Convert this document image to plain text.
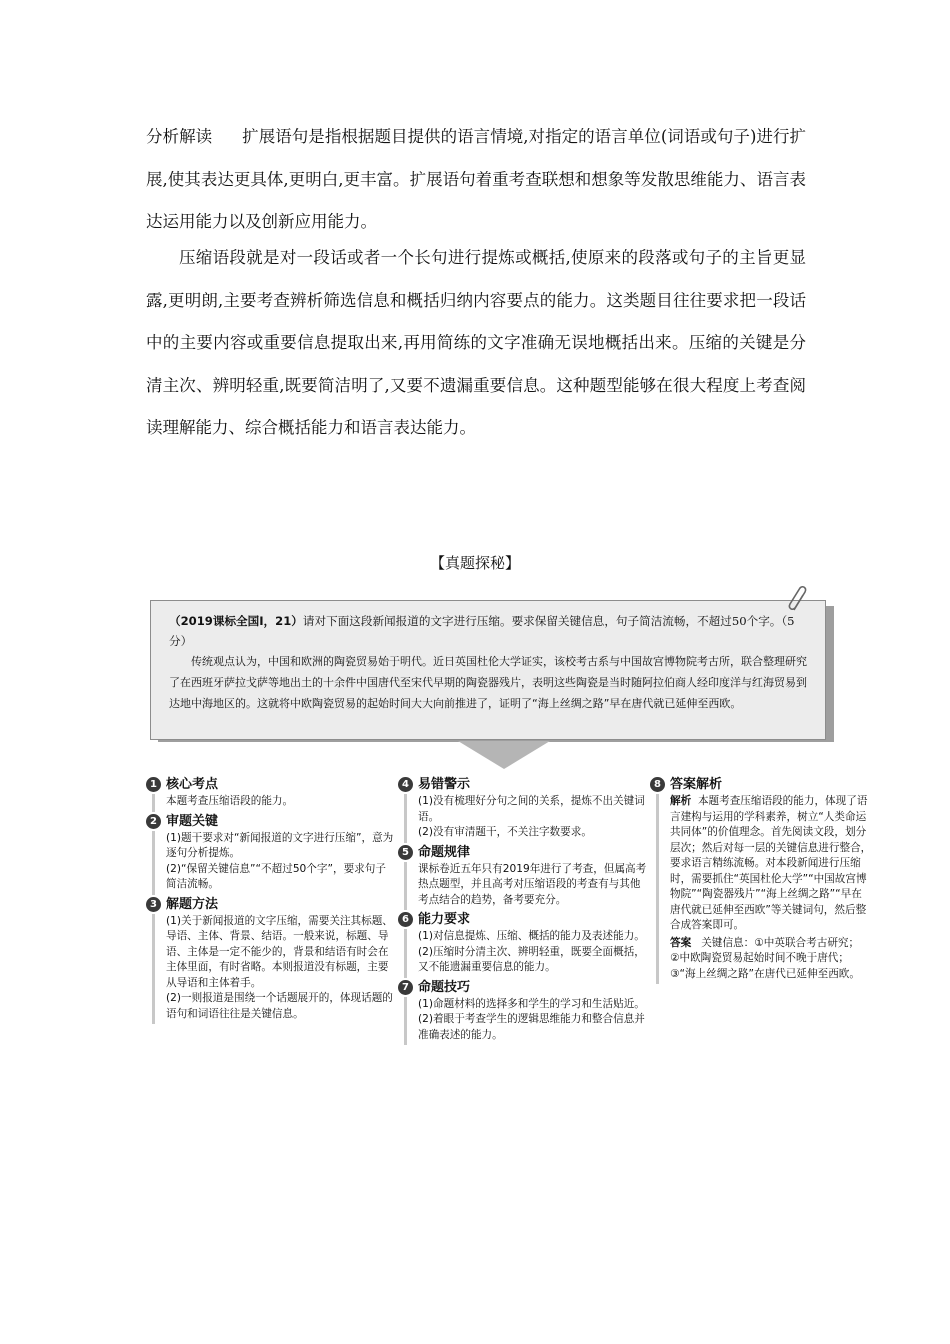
分析解读 扩展语句是指根据题目提供的语言情境,对指定的语言单位(词语或句子)进行扩展,使其表达更具体,更明白,更丰富。扩展语句着重考查联想和想象等发散思维能力、语言表达运用能力以及创新应用能力。

压缩语段就是对一段话或者一个长句进行提炼或概括,使原来的段落或句子的主旨更显露,更明朗,主要考查辨析筛选信息和概括归纳内容要点的能力。这类题目往往要求把一段话中的主要内容或重要信息提取出来,再用简练的文字准确无误地概括出来。压缩的关键是分清主次、辨明轻重,既要简洁明了,又要不遗漏重要信息。这种题型能够在很大程度上考查阅读理解能力、综合概括能力和语言表达能力。

【真题探秘】
（2019课标全国Ⅰ，21）请对下面这段新闻报道的文字进行压缩。要求保留关键信息，句子简洁流畅，不超过50个字。（5分）
传统观点认为，中国和欧洲的陶瓷贸易始于明代。近日英国杜伦大学证实，该校考古系与中国故宫博物院考古所，联合整理研究了在西班牙萨拉戈萨等地出土的十余件中国唐代至宋代早期的陶瓷器残片，表明这些陶瓷是当时随阿拉伯商人经印度洋与红海贸易到达地中海地区的。这就将中欧陶瓷贸易的起始时间大大向前推进了，证明了“海上丝绸之路”早在唐代就已延伸至西欧。
1 核心考点
本题考查压缩语段的能力。
2 审题关键
(1)题干要求对“新闻报道的文字进行压缩”，意为逐句分析提炼。
(2)“保留关键信息”“不超过50个字”，要求句子简洁流畅。
3 解题方法
(1)关于新闻报道的文字压缩，需要关注其标题、导语、主体、背景、结语。一般来说，标题、导语、主体是一定不能少的，背景和结语有时会在主体里面，有时省略。本则报道没有标题，主要从导语和主体着手。
(2)一则报道是围绕一个话题展开的，体现话题的语句和词语往往是关键信息。
4 易错警示
(1)没有梳理好分句之间的关系，提炼不出关键词语。
(2)没有审清题干，不关注字数要求。
5 命题规律
课标卷近五年只有2019年进行了考查，但属高考热点题型，并且高考对压缩语段的考查有与其他考点结合的趋势，备考要充分。
6 能力要求
(1)对信息提炼、压缩、概括的能力及表述能力。
(2)压缩时分清主次、辨明轻重，既要全面概括，又不能遗漏重要信息的能力。
7 命题技巧
(1)命题材料的选择多和学生的学习和生活贴近。
(2)着眼于考查学生的逻辑思维能力和整合信息并准确表述的能力。
8 答案解析
解析 本题考查压缩语段的能力，体现了语言建构与运用的学科素养，树立“人类命运共同体”的价值理念。首先阅读文段，划分层次；然后对每一层的关键信息进行整合，要求语言精练流畅。对本段新闻进行压缩时，需要抓住“英国杜伦大学”“中国故宫博物院”“陶瓷器残片”“海上丝绸之路”“早在唐代就已延伸至西欧”等关键词句，然后整合成答案即可。
答案 关键信息：①中英联合考古研究；
②中欧陶瓷贸易起始时间不晚于唐代；
③“海上丝绸之路”在唐代已延伸至西欧。
